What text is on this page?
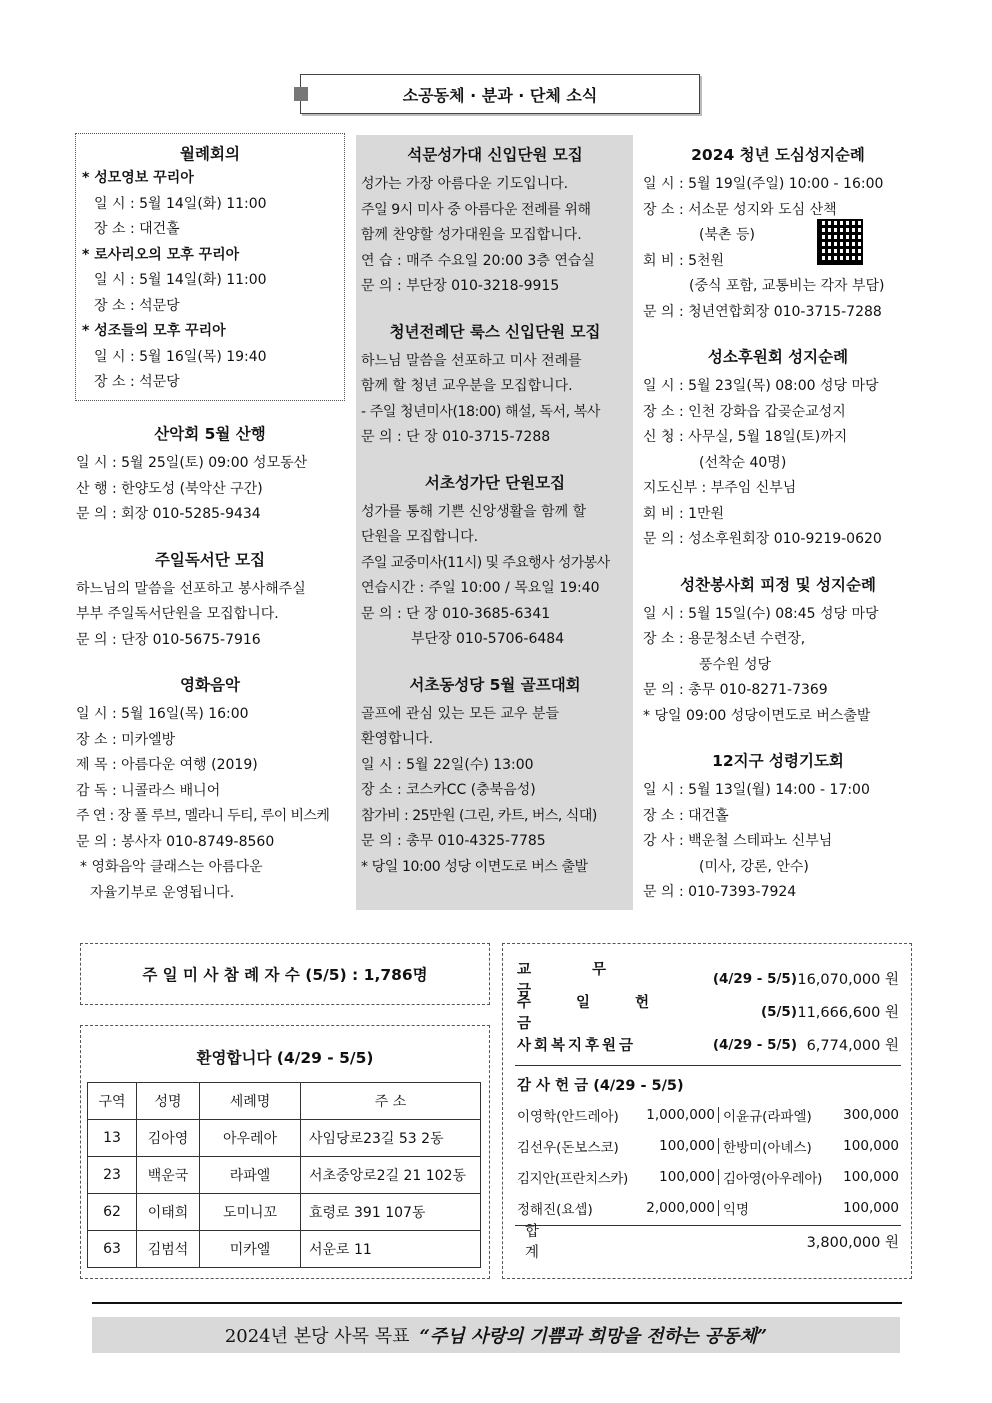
소공동체 · 분과 · 단체 소식
월례회의
* 성모영보 꾸리아
일 시 : 5월 14일(화) 11:00
장 소 : 대건홀
* 로사리오의 모후 꾸리아
일 시 : 5월 14일(화) 11:00
장 소 : 석문당
* 성조들의 모후 꾸리아
일 시 : 5월 16일(목) 19:40
장 소 : 석문당
산악회 5월 산행
일 시 : 5월 25일(토) 09:00 성모동산
산 행 : 한양도성 (북악산 구간)
문 의 : 회장 010-5285-9434
주일독서단 모집
하느님의 말씀을 선포하고 봉사해주실
부부 주일독서단원을 모집합니다.
문 의 : 단장 010-5675-7916
영화음악
일 시 : 5월 16일(목) 16:00
장 소 : 미카엘방
제 목 : 아름다운 여행 (2019)
감 독 : 니콜라스 배니어
주 연 : 장 폴 루브, 멜라니 두티, 루이 비스케
문 의 : 봉사자 010-8749-8560
* 영화음악 클래스는 아름다운
자율기부로 운영됩니다.
석문성가대 신입단원 모집
성가는 가장 아름다운 기도입니다.
주일 9시 미사 중 아름다운 전례를 위해
함께 찬양할 성가대원을 모집합니다.
연 습 : 매주 수요일 20:00 3층 연습실
문 의 : 부단장 010-3218-9915
청년전례단 룩스 신입단원 모집
하느님 말씀을 선포하고 미사 전례를
함께 할 청년 교우분을 모집합니다.
- 주일 청년미사(18:00) 해설, 독서, 복사
문 의 : 단 장 010-3715-7288
서초성가단 단원모집
성가를 통해 기쁜 신앙생활을 함께 할
단원을 모집합니다.
주일 교중미사(11시) 및 주요행사 성가봉사
연습시간 : 주일 10:00 / 목요일 19:40
문 의 : 단 장 010-3685-6341
부단장 010-5706-6484
서초동성당 5월 골프대회
골프에 관심 있는 모든 교우 분들
환영합니다.
일 시 : 5월 22일(수) 13:00
장 소 : 코스카CC (충북음성)
참가비 : 25만원 (그린, 카트, 버스, 식대)
문 의 : 총무 010-4325-7785
* 당일 10:00 성당 이면도로 버스 출발
2024 청년 도심성지순례
일 시 : 5월 19일(주일) 10:00 - 16:00
장 소 : 서소문 성지와 도심 산책
(북촌 등)
회 비 : 5천원
(중식 포함, 교통비는 각자 부담)
문 의 : 청년연합회장 010-3715-7288
성소후원회 성지순례
일 시 : 5월 23일(목) 08:00 성당 마당
장 소 : 인천 강화읍 갑곶순교성지
신 청 : 사무실, 5월 18일(토)까지
(선착순 40명)
지도신부 : 부주임 신부님
회 비 : 1만원
문 의 : 성소후원회장 010-9219-0620
성찬봉사회 피정 및 성지순례
일 시 : 5월 15일(수) 08:45 성당 마당
장 소 : 용문청소년 수련장,
풍수원 성당
문 의 : 총무 010-8271-7369
* 당일 09:00 성당이면도로 버스출발
12지구 성령기도회
일 시 : 5월 13일(월) 14:00 - 17:00
장 소 : 대건홀
강 사 : 백운철 스테파노 신부님
(미사, 강론, 안수)
문 의 : 010-7393-7924
주 일 미 사 참 례 자 수 (5/5) : 1,786명
환영합니다 (4/29 - 5/5)
구역	성명	세례명	주 소
13	김아영	아우레아	사임당로23길 53 2동
23	백운국	라파엘	서초중앙로2길 21 102동
62	이태희	도미니꼬	효령로 391 107동
63	김범석	미카엘	서운로 11
교 무 금
(4/29 - 5/5) 16,070,000 원
주 일 헌 금
(5/5) 11,666,600 원
사회복지후원금	(4/29 - 5/5) 6,774,000 원
감 사 헌 금 (4/29 - 5/5)
이영학(안드레아)	1,000,000 이윤규(라파엘)	300,000
김선우(돈보스코)	100,000 한방미(아녜스)	100,000
김지안(프란치스카)	100,000 김아영(아우레아)	100,000
정해진(요셉)	2,000,000 익명	100,000
합 계
3,800,000 원
2024년 본당 사목 목표 “주님 사랑의 기쁨과 희망을 전하는 공동체”
